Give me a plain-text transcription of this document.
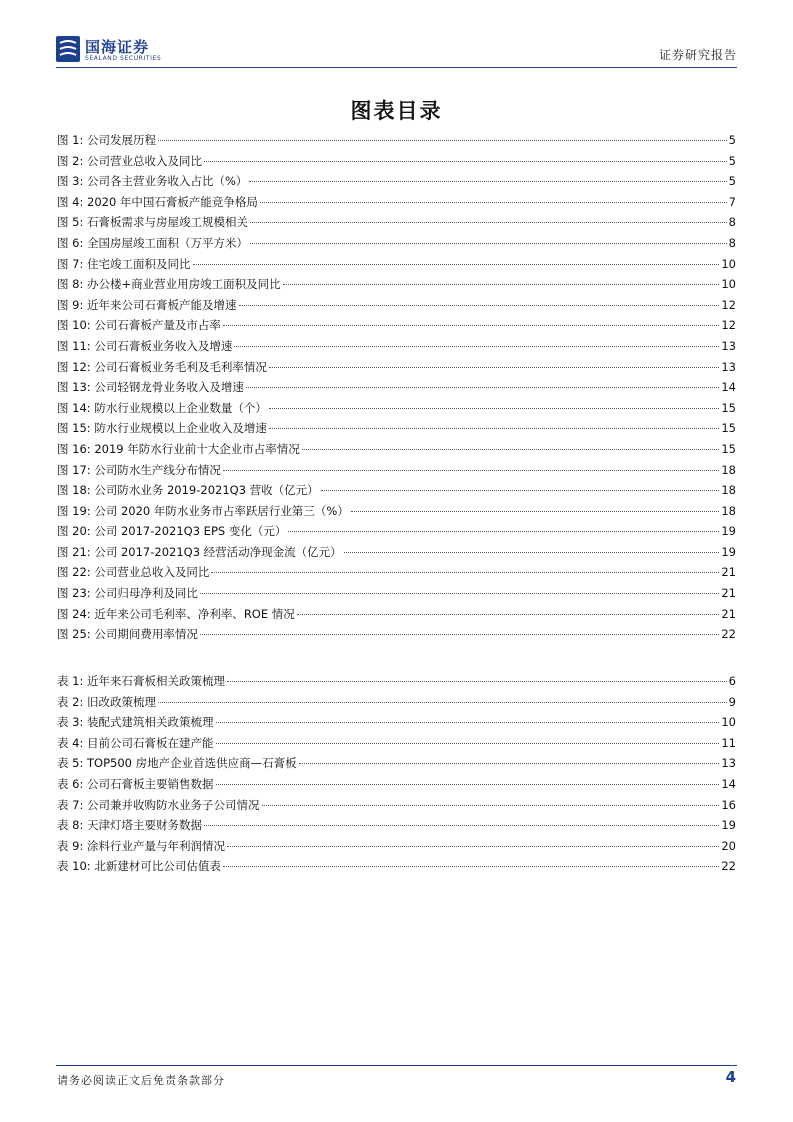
国海证券
SEALAND SECURITIES	证券研究报告
图表目录
图 1: 公司发展历程	5
图 2: 公司营业总收入及同比	5
图 3: 公司各主营业务收入占比（%）	5
图 4: 2020 年中国石膏板产能竞争格局	7
图 5: 石膏板需求与房屋竣工规模相关	8
图 6: 全国房屋竣工面积（万平方米）	8
图 7: 住宅竣工面积及同比	10
图 8: 办公楼+商业营业用房竣工面积及同比	10
图 9: 近年来公司石膏板产能及增速	12
图 10: 公司石膏板产量及市占率	12
图 11: 公司石膏板业务收入及增速	13
图 12: 公司石膏板业务毛利及毛利率情况	13
图 13: 公司轻钢龙骨业务收入及增速	14
图 14: 防水行业规模以上企业数量（个）	15
图 15: 防水行业规模以上企业收入及增速	15
图 16: 2019 年防水行业前十大企业市占率情况	15
图 17: 公司防水生产线分布情况	18
图 18: 公司防水业务 2019-2021Q3 营收（亿元）	18
图 19: 公司 2020 年防水业务市占率跃居行业第三（%）	18
图 20: 公司 2017-2021Q3 EPS 变化（元）	19
图 21: 公司 2017-2021Q3 经营活动净现金流（亿元）	19
图 22: 公司营业总收入及同比	21
图 23: 公司归母净利及同比	21
图 24: 近年来公司毛利率、净利率、ROE 情况	21
图 25: 公司期间费用率情况	22
表 1: 近年来石膏板相关政策梳理	6
表 2: 旧改政策梳理	9
表 3: 装配式建筑相关政策梳理	10
表 4: 目前公司石膏板在建产能	11
表 5: TOP500 房地产企业首选供应商—石膏板	13
表 6: 公司石膏板主要销售数据	14
表 7: 公司兼并收购防水业务子公司情况	16
表 8: 天津灯塔主要财务数据	19
表 9: 涂料行业产量与年利润情况	20
表 10: 北新建材可比公司估值表	22
请务必阅读正文后免责条款部分	4
